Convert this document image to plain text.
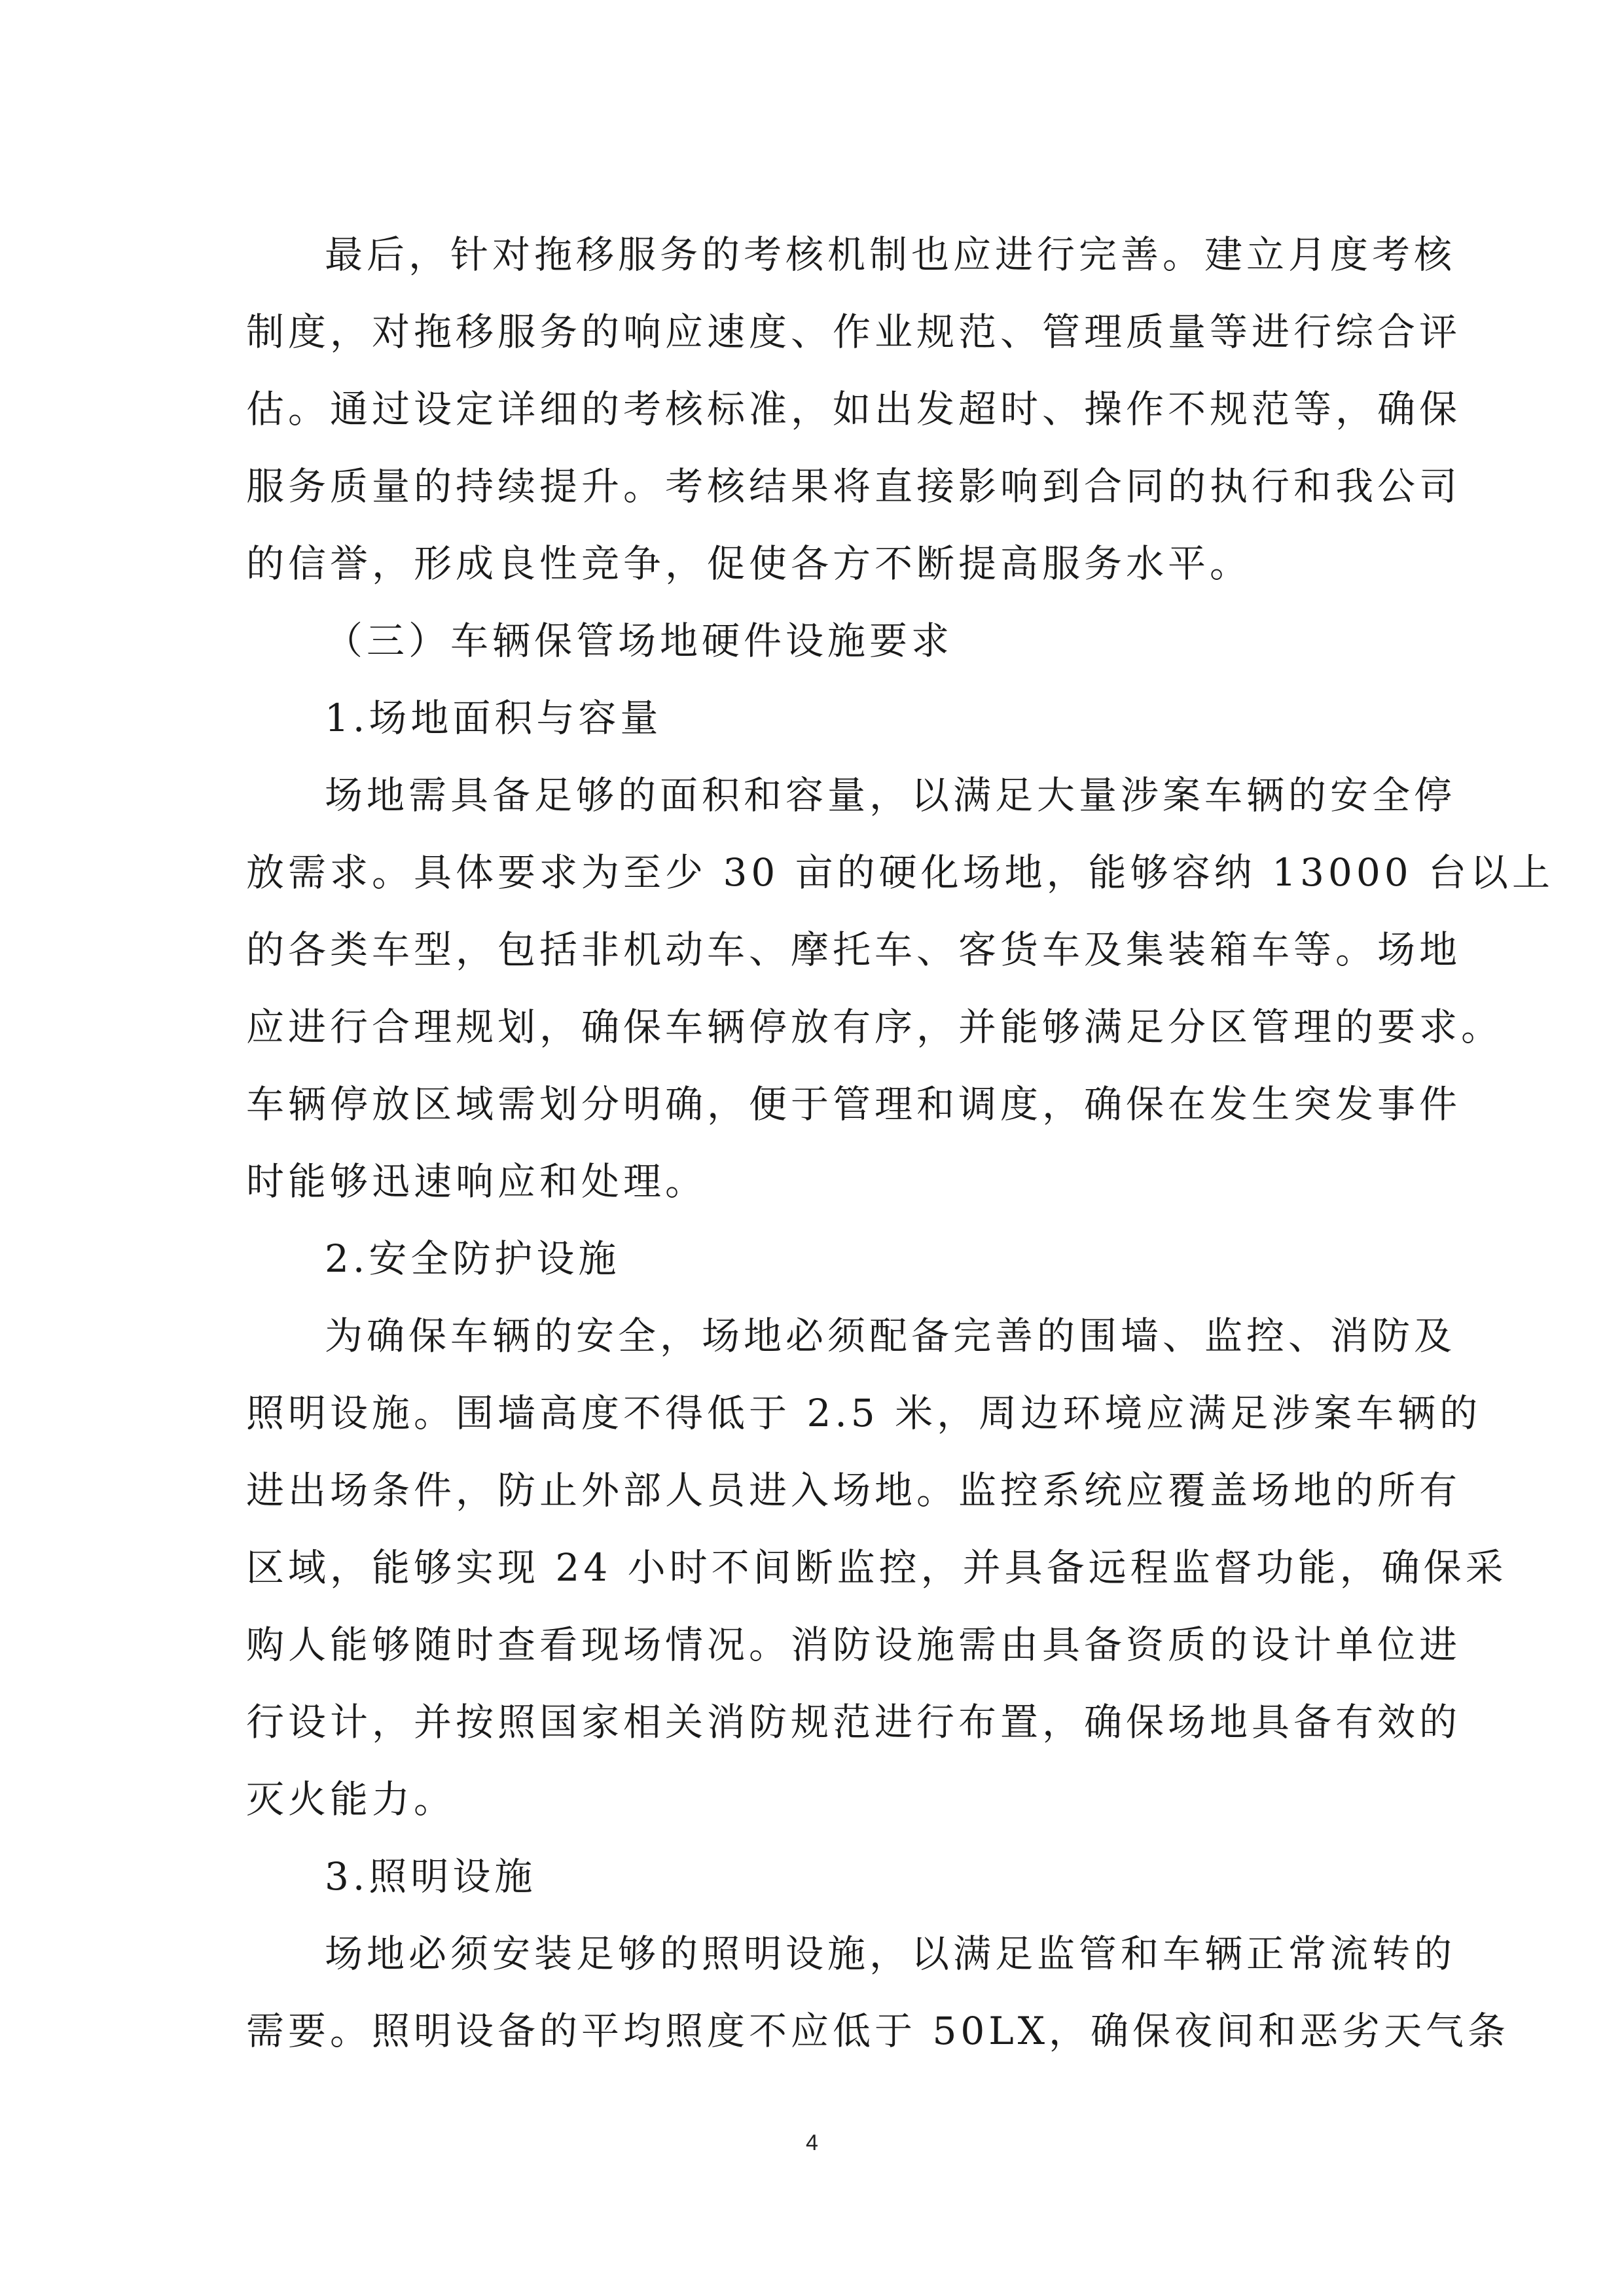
最后，针对拖移服务的考核机制也应进行完善。建立月度考核
制度，对拖移服务的响应速度、作业规范、管理质量等进行综合评
估。通过设定详细的考核标准，如出发超时、操作不规范等，确保
服务质量的持续提升。考核结果将直接影响到合同的执行和我公司
的信誉，形成良性竞争，促使各方不断提高服务水平。
（三）车辆保管场地硬件设施要求
1.场地面积与容量
场地需具备足够的面积和容量，以满足大量涉案车辆的安全停
放需求。具体要求为至少 30 亩的硬化场地，能够容纳 13000 台以上
的各类车型，包括非机动车、摩托车、客货车及集装箱车等。场地
应进行合理规划，确保车辆停放有序，并能够满足分区管理的要求。
车辆停放区域需划分明确，便于管理和调度，确保在发生突发事件
时能够迅速响应和处理。
2.安全防护设施
为确保车辆的安全，场地必须配备完善的围墙、监控、消防及
照明设施。围墙高度不得低于 2.5 米，周边环境应满足涉案车辆的
进出场条件，防止外部人员进入场地。监控系统应覆盖场地的所有
区域，能够实现 24 小时不间断监控，并具备远程监督功能，确保采
购人能够随时查看现场情况。消防设施需由具备资质的设计单位进
行设计，并按照国家相关消防规范进行布置，确保场地具备有效的
灭火能力。
3.照明设施
场地必须安装足够的照明设施，以满足监管和车辆正常流转的
需要。照明设备的平均照度不应低于 50LX，确保夜间和恶劣天气条
4
